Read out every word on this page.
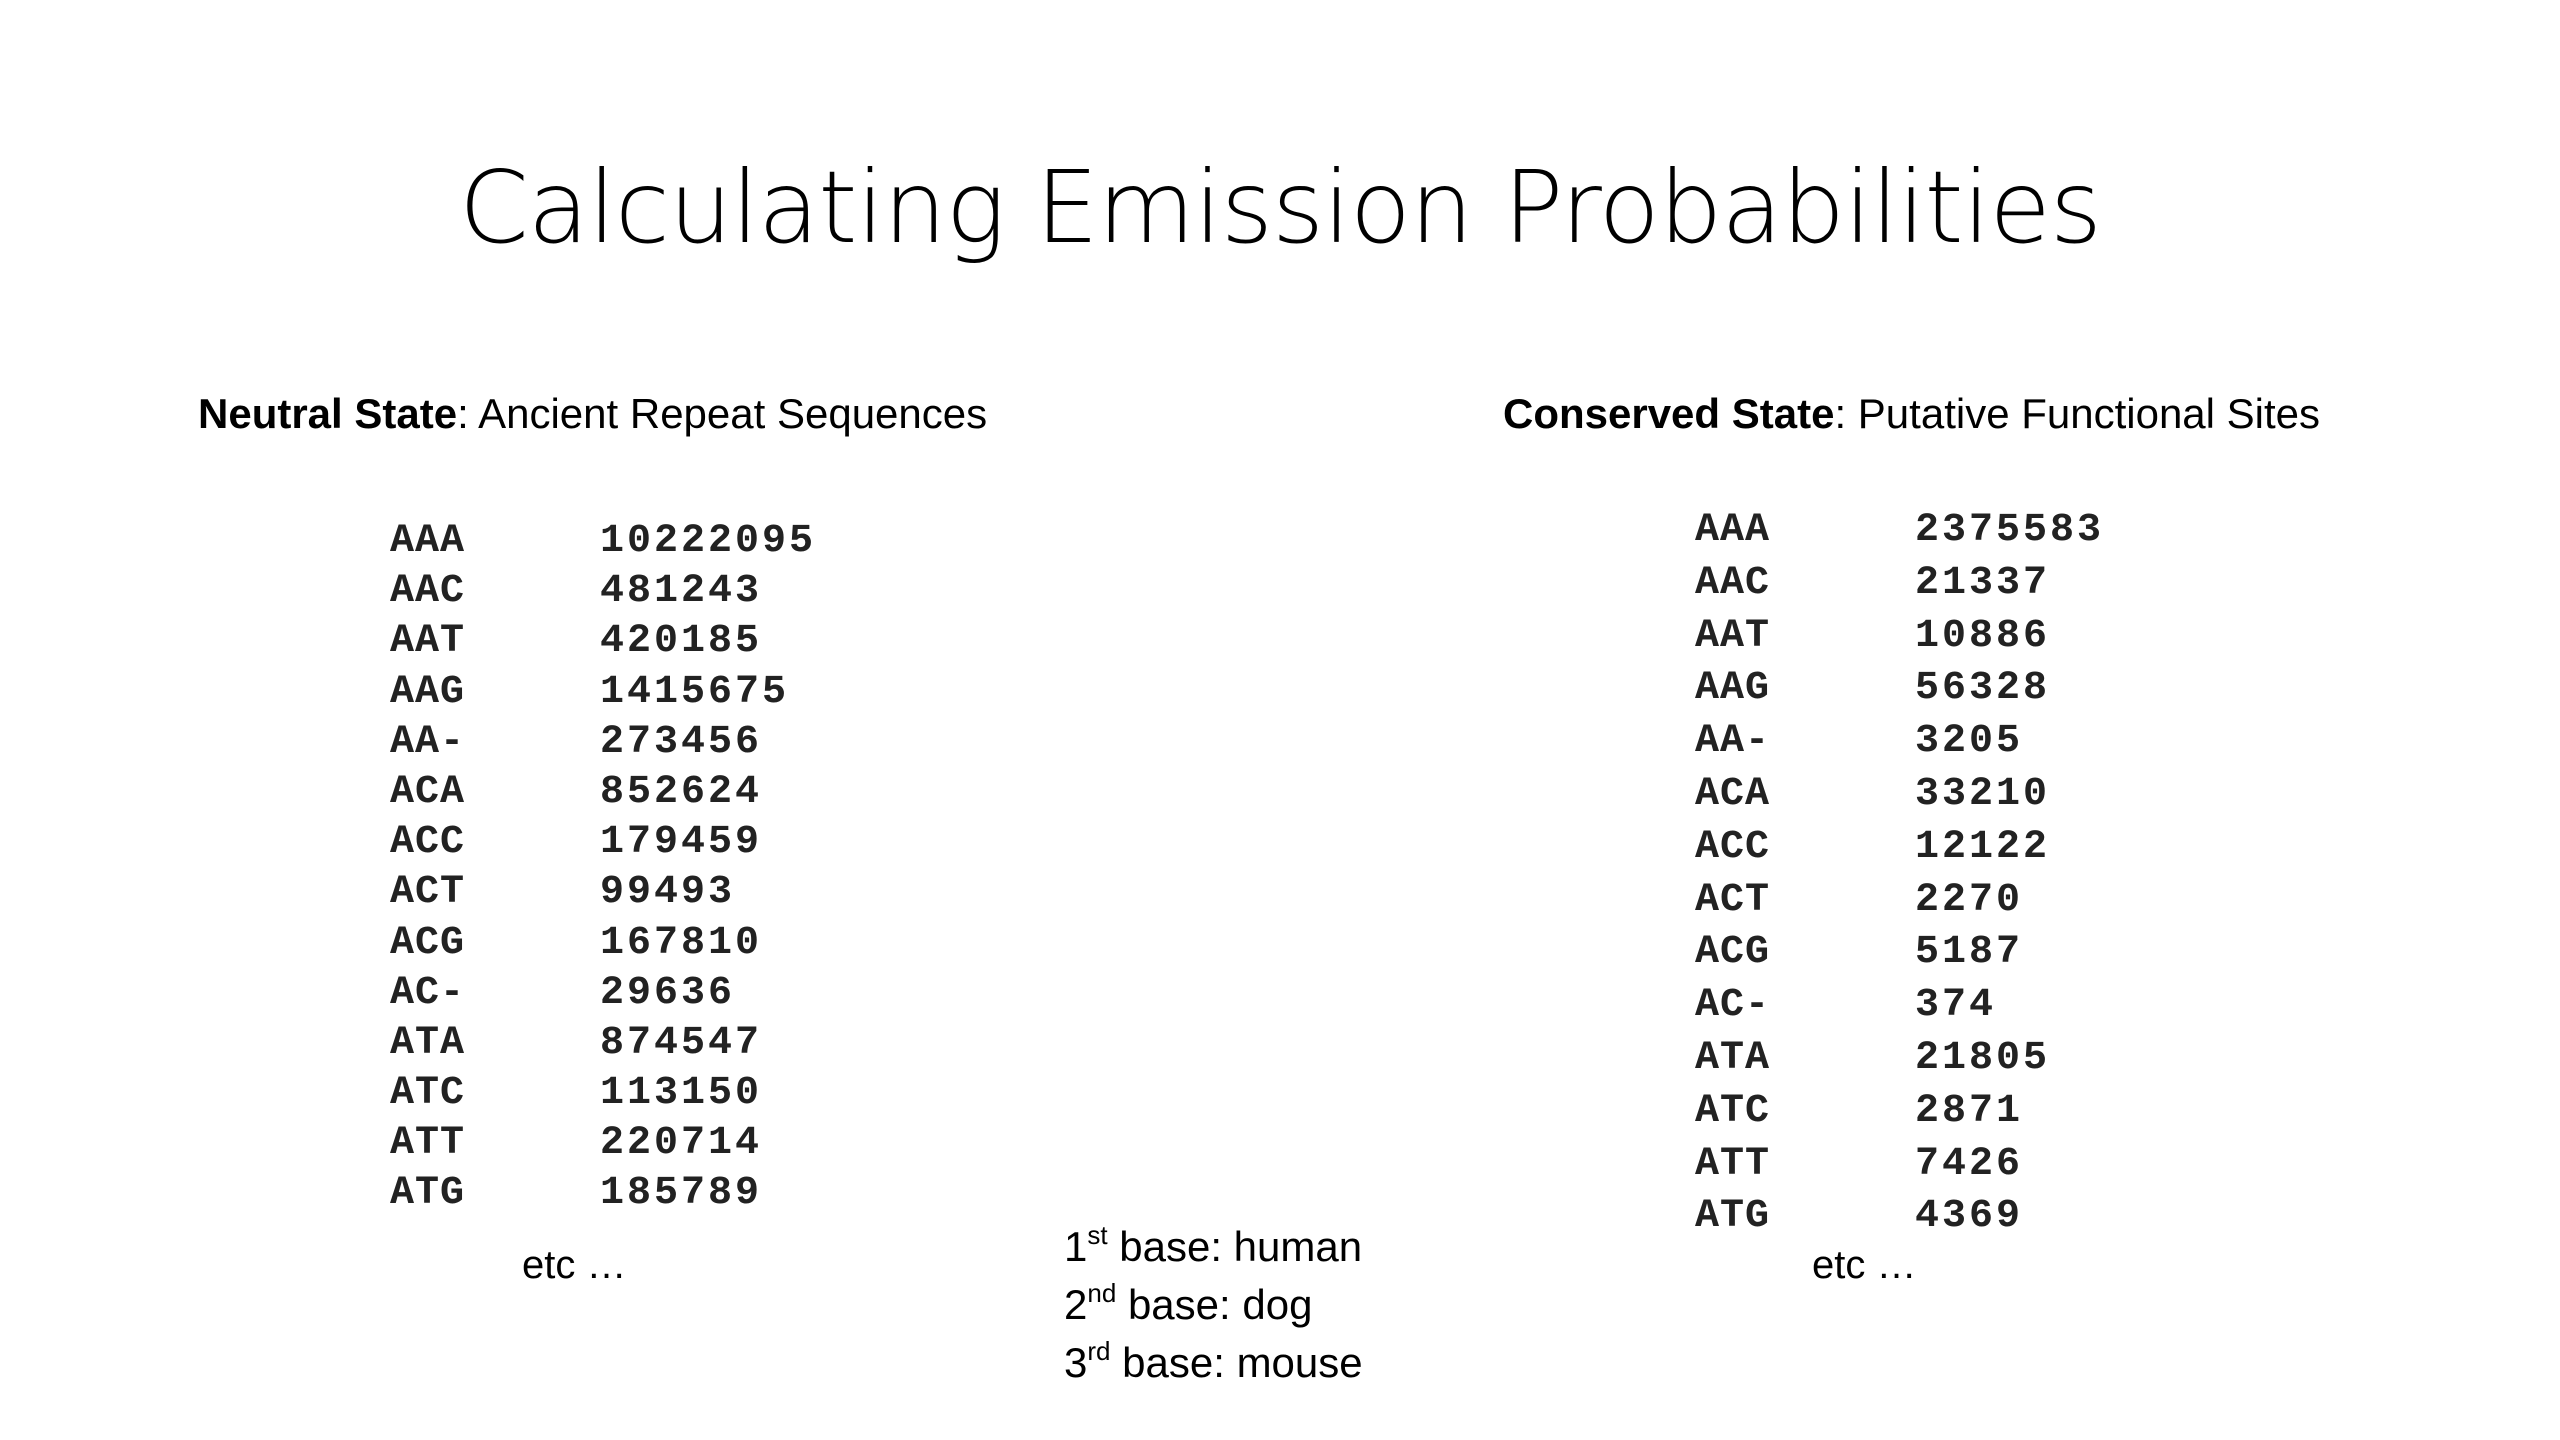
Calculating Emission Probabilities
Neutral State: Ancient Repeat Sequences	Conserved State: Putative Functional Sites
AAA	10222095
AAC	481243
AAT	420185
AAG	1415675
AA-	273456
ACA	852624
ACC	179459
ACT	99493
ACG	167810
AC-	29636
ATA	874547
ATC	113150
ATT	220714
ATG	185789
AAA	2375583
AAC	21337
AAT	10886
AAG	56328
AA-	3205
ACA	33210
ACC	12122
ACT	2270
ACG	5187
AC-	374
ATA	21805
ATC	2871
ATT	7426
ATG	4369
etc …	etc …
1st base: human
2nd base: dog
3rd base: mouse
